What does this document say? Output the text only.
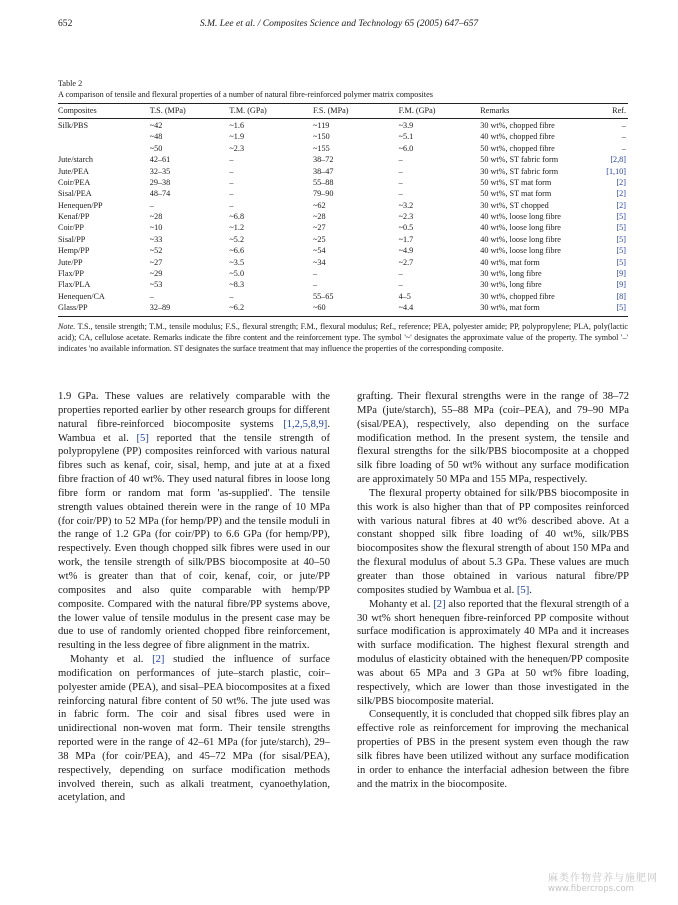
652	S.M. Lee et al. / Composites Science and Technology 65 (2005) 647–657
Table 2
A comparison of tensile and flexural properties of a number of natural fibre-reinforced polymer matrix composites
Composites	T.S. (MPa)	T.M. (GPa)	F.S. (MPa)	F.M. (GPa)	Remarks	Ref.
Silk/PBS	~42	~1.6	~119	~3.9	30 wt%, chopped fibre	–
	~48	~1.9	~150	~5.1	40 wt%, chopped fibre	–
	~50	~2.3	~155	~6.0	50 wt%, chopped fibre	–
Jute/starch	42–61	–	38–72	–	50 wt%, ST fabric form	[2,8]
Jute/PEA	32–35	–	38–47	–	30 wt%, ST fabric form	[1,10]
Coir/PEA	29–38	–	55–88	–	50 wt%, ST mat form	[2]
Sisal/PEA	48–74	–	79–90	–	50 wt%, ST mat form	[2]
Henequen/PP	–	–	~62	~3.2	30 wt%, ST chopped	[2]
Kenaf/PP	~28	~6.8	~28	~2.3	40 wt%, loose long fibre	[5]
Coir/PP	~10	~1.2	~27	~0.5	40 wt%, loose long fibre	[5]
Sisal/PP	~33	~5.2	~25	~1.7	40 wt%, loose long fibre	[5]
Hemp/PP	~52	~6.6	~54	~4.9	40 wt%, loose long fibre	[5]
Jute/PP	~27	~3.5	~34	~2.7	40 wt%, mat form	[5]
Flax/PP	~29	~5.0	–	–	30 wt%, long fibre	[9]
Flax/PLA	~53	~8.3	–	–	30 wt%, long fibre	[9]
Henequen/CA	–	–	55–65	4–5	30 wt%, chopped fibre	[8]
Glass/PP	32–89	~6.2	~60	~4.4	30 wt%, mat form	[5]
Note. T.S., tensile strength; T.M., tensile modulus; F.S., flexural strength; F.M., flexural modulus; Ref., reference; PEA, polyester amide; PP, polypropylene; PLA, poly(lactic acid); CA, cellulose acetate. Remarks indicate the fibre content and the reinforcement type. The symbol '~' designates the approximate value of the property. The symbol '–' indicates 'no available information. ST designates the surface treatment that may influence the properties of the corresponding composite.

1.9 GPa. These values are relatively comparable with the properties reported earlier by other research groups for different natural fibre-reinforced biocomposite systems [1,2,5,8,9]. Wambua et al. [5] reported that the tensile strength of polypropylene (PP) composites reinforced with various natural fibres such as kenaf, coir, sisal, hemp, and jute at at a fixed fibre fraction of 40 wt%. They used natural fibres in loose long fibre form or random mat form 'as-supplied'. The tensile strength values obtained therein were in the range of 10 MPa (for coir/PP) to 52 MPa (for hemp/PP) and the tensile moduli in the range of 1.2 GPa (for coir/PP) to 6.6 GPa (for hemp/PP), respectively. Even though chopped silk fibres were used in our work, the tensile strength of silk/PBS biocomposite at 40–50 wt% is greater than that of coir, kenaf, coir, or jute/PP composites and also quite comparable with hemp/PP composite. Compared with the natural fibre/PP systems above, the lower value of tensile modulus in the present case may be due to use of randomly oriented chopped fibre reinforcement, resulting in the less degree of fibre alignment in the matrix.

Mohanty et al. [2] studied the influence of surface modification on performances of jute–starch plastic, coir–polyester amide (PEA), and sisal–PEA biocomposites at a fixed reinforcing natural fibre content of 50 wt%. The jute used was in fabric form. The coir and sisal fibres used were in unidirectional non-woven mat form. Their tensile strengths reported were in the range of 42–61 MPa (for jute/starch), 29–38 MPa (for coir/PEA), and 45–72 MPa (for sisal/PEA), respectively, depending on surface modification methods involved therein, such as alkali treatment, cyanoethylation, acetylation, and

grafting. Their flexural strengths were in the range of 38–72 MPa (jute/starch), 55–88 MPa (coir–PEA), and 79–90 MPa (sisal/PEA), respectively, also depending on the surface modification method. In the present system, the tensile and flexural strengths for the silk/PBS biocomposite at a chopped silk fibre loading of 50 wt% without any surface modification are approximately 50 MPa and 155 MPa, respectively.

The flexural property obtained for silk/PBS biocomposite in this work is also higher than that of PP composites reinforced with various natural fibres at 40 wt% described above. At a constant shopped silk fibre loading of 40 wt%, silk/PBS biocomposites show the flexural strength of about 150 MPa and the flexural modulus of about 5.3 GPa. These values are much greater than those obtained in various natural fibre/PP composites studied by Wambua et al. [5].

Mohanty et al. [2] also reported that the flexural strength of a 30 wt% short henequen fibre-reinforced PP composite without surface modification is approximately 40 MPa and it increases with surface modification. The highest flexural strength and modulus of elasticity obtained with the henequen/PP composite was about 65 MPa and 3 GPa at 50 wt% fibre loading, respectively, which are lower than those investigated in the silk/PBS biocomposite material.

Consequently, it is concluded that chopped silk fibres play an effective role as reinforcement for improving the mechanical properties of PBS in the present system even though the raw silk fibres have been utilized without any surface modification in order to enhance the interfacial adhesion between the fibre and the matrix in the biocomposite.

麻类作物营养与施肥网
www.fibercrops.com
